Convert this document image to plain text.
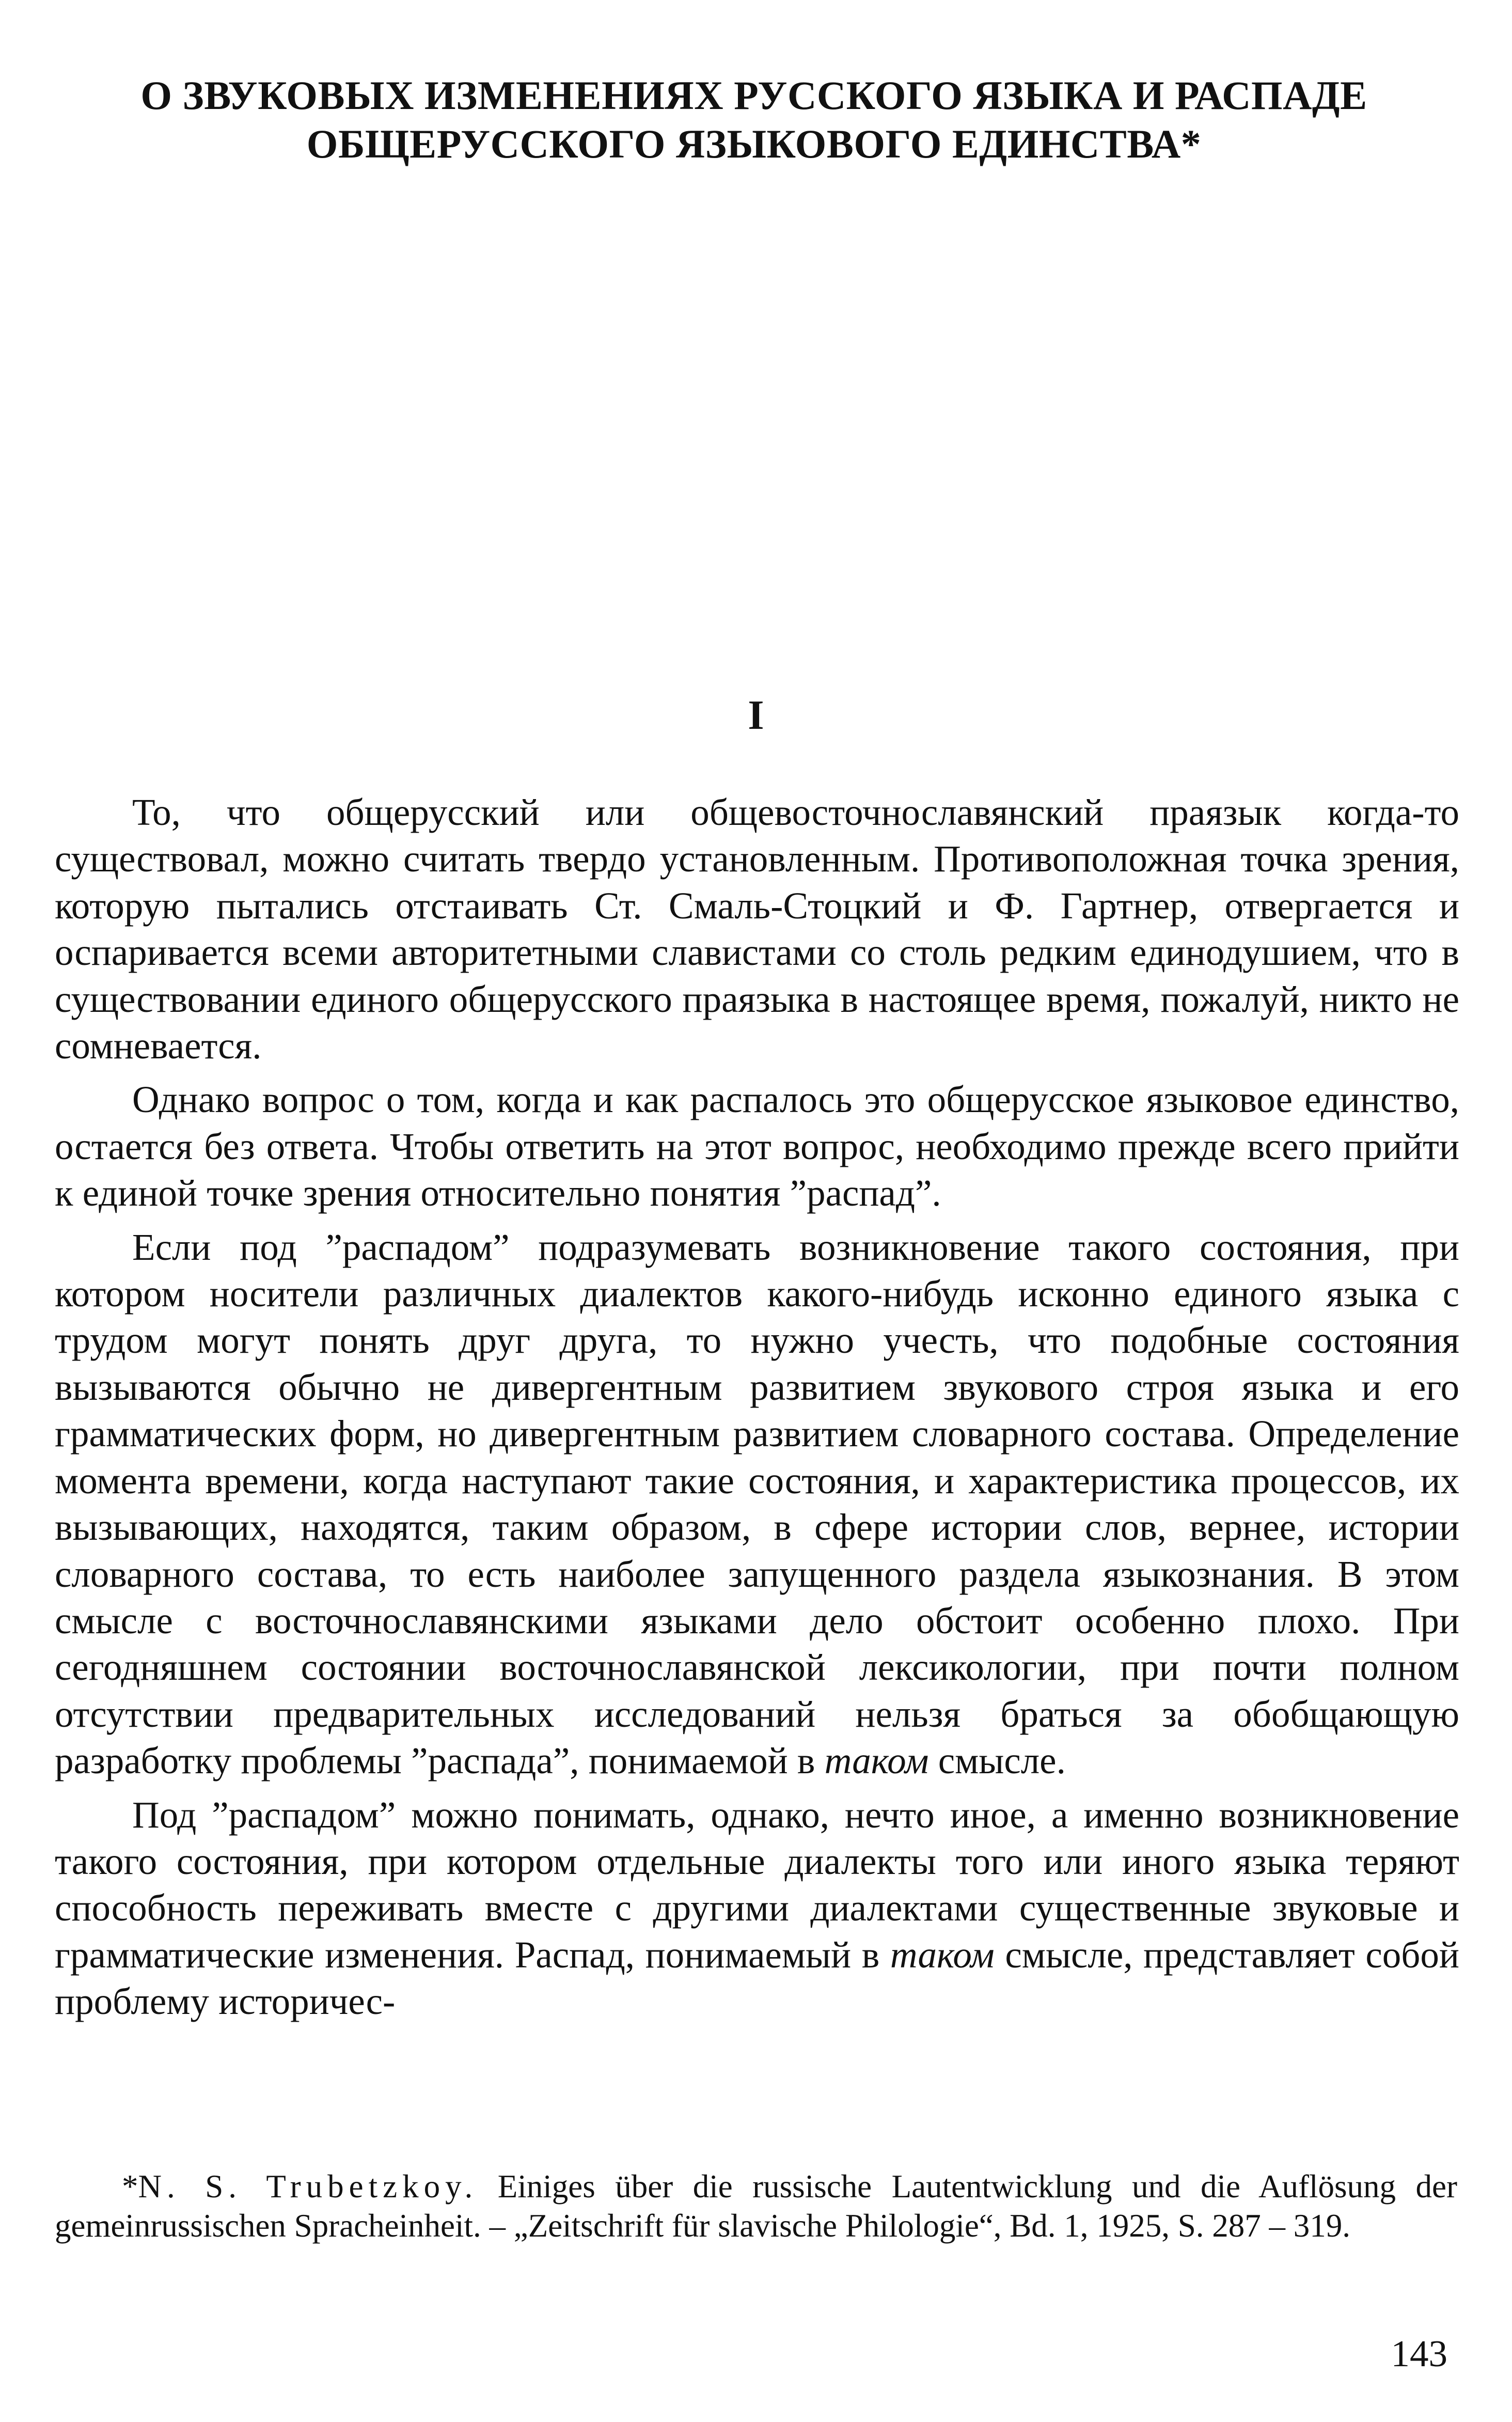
О ЗВУКОВЫХ ИЗМЕНЕНИЯХ РУССКОГО ЯЗЫКА И РАСПАДЕ
ОБЩЕРУССКОГО ЯЗЫКОВОГО ЕДИНСТВА*
I

То, что общерусский или общевосточнославянский праязык когда-то существовал, можно считать твердо установленным. Противоположная точка зрения, которую пытались отстаивать Ст. Смаль-Стоцкий и Ф. Гартнер, отвергается и оспаривается всеми авторитетными славистами со столь редким единодушием, что в существовании единого общерусского праязыка в настоящее время, пожалуй, никто не сомневается.

Однако вопрос о том, когда и как распалось это общерусское языковое единство, остается без ответа. Чтобы ответить на этот вопрос, необходимо прежде всего прийти к единой точке зрения относительно понятия ”распад”.

Если под ”распадом” подразумевать возникновение такого состояния, при котором носители различных диалектов какого-нибудь исконно единого языка с трудом могут понять друг друга, то нужно учесть, что подобные состояния вызываются обычно не дивергентным развитием звукового строя языка и его грамматических форм, но дивергентным развитием словарного состава. Определение момента времени, когда наступают такие состояния, и характеристика процессов, их вызывающих, находятся, таким образом, в сфере истории слов, вернее, истории словарного состава, то есть наиболее запущенного раздела языкознания. В этом смысле с восточнославянскими языками дело обстоит особенно плохо. При сегодняшнем состоянии восточнославянской лексикологии, при почти полном отсутствии предварительных исследований нельзя браться за обобщающую разработку проблемы ”распада”, понимаемой в таком смысле.

Под ”распадом” можно понимать, однако, нечто иное, а именно возникновение такого состояния, при котором отдельные диалекты того или иного языка теряют способность переживать вместе с другими диалектами существенные звуковые и грамматические изменения. Распад, понимаемый в таком смысле, представляет собой проблему историчес-

*N. S. Trubetzkoy. Einiges über die russische Lautentwicklung und die Auflösung der gemeinrussischen Spracheinheit. – „Zeitschrift für slavische Philologie“, Bd. 1, 1925, S. 287 – 319.

143
